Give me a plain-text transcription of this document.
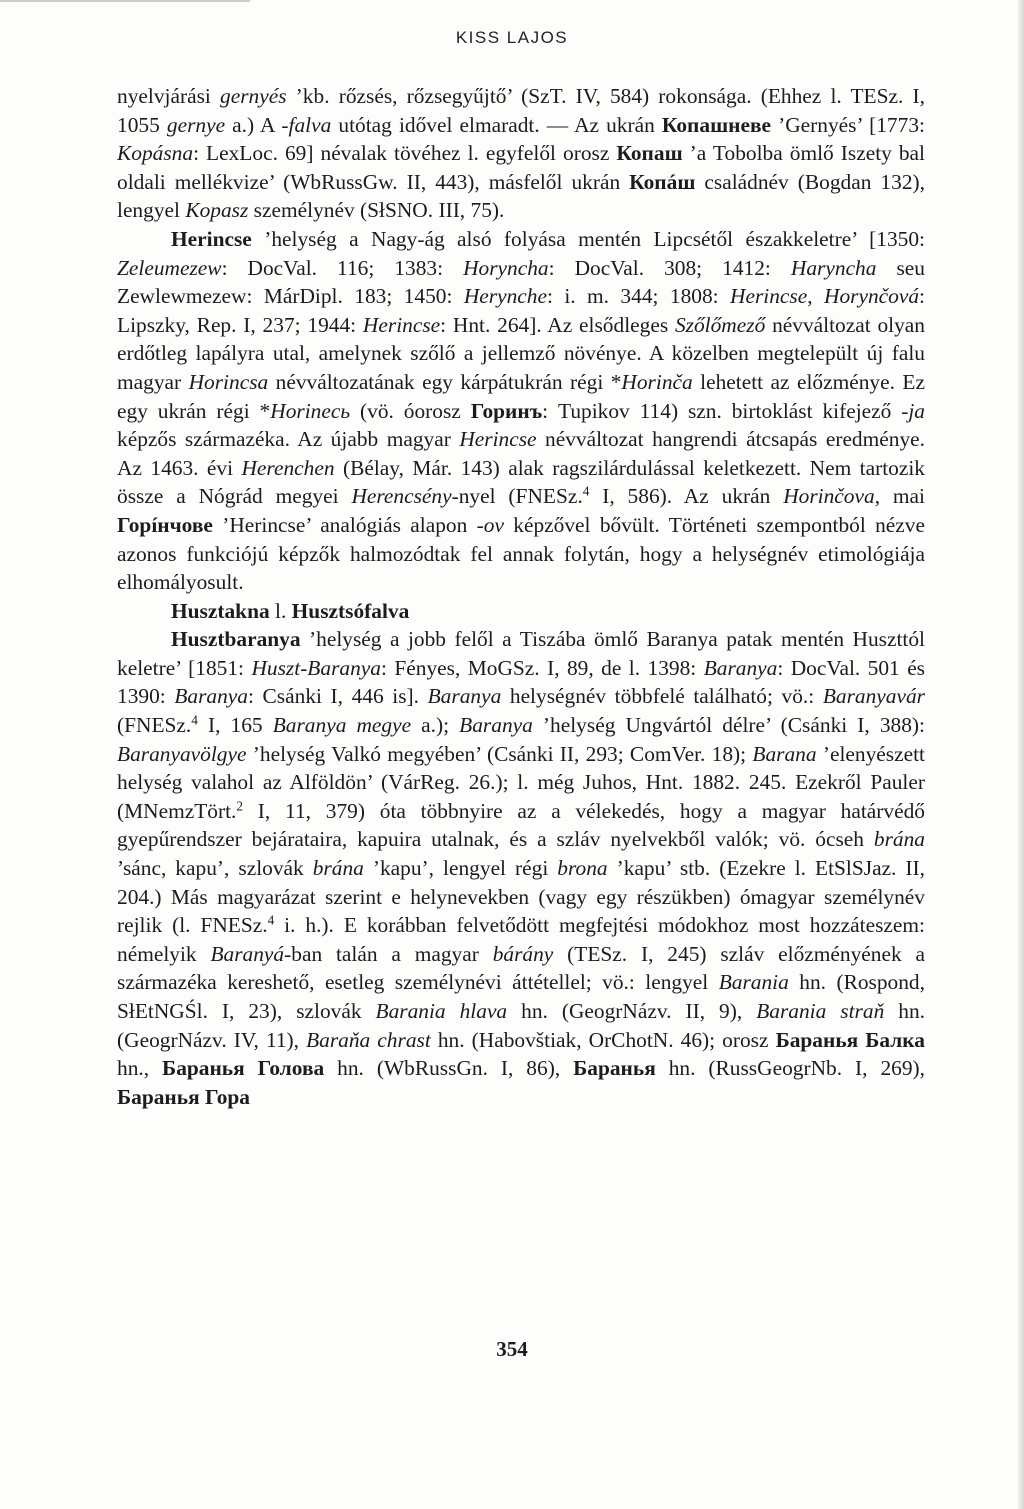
KISS LAJOS

nyelvjárási gernyés ’kb. rőzsés, rőzsegyűjtő’ (SzT. IV, 584) rokonsága. (Ehhez l. TESz. I, 1055 gernye a.) A -falva utótag idővel elmaradt. — Az ukrán Копашневе ’Gernyés’ [1773: Kopásna: LexLoc. 69] névalak tövéhez l. egyfelől orosz Копаш ’a Tobolba ömlő Iszety bal oldali mellékvize’ (WbRussGw. II, 443), másfelől ukrán Копáш családnév (Bogdan 132), lengyel Kopasz személynév (SłSNO. III, 75).

Herincse ’helység a Nagy-ág alsó folyása mentén Lipcsétől északkeletre’ [1350: Zeleumezew: DocVal. 116; 1383: Horyncha: DocVal. 308; 1412: Haryncha seu Zewlewmezew: MárDipl. 183; 1450: Herynche: i. m. 344; 1808: Herincse, Horynčová: Lipszky, Rep. I, 237; 1944: Herincse: Hnt. 264]. Az elsődleges Szőlőmező névváltozat olyan erdőtleg lapályra utal, amelynek szőlő a jellemző növénye. A közelben megtelepült új falu magyar Horincsa névváltozatának egy kárpátukrán régi *Horinča lehetett az előzménye. Ez egy ukrán régi *Horinecь (vö. óorosz Горинъ: Tupikov 114) szn. birtoklást kifejező -ja képzős származéka. Az újabb magyar Herincse névváltozat hangrendi átcsapás eredménye. Az 1463. évi Herenchen (Bélay, Már. 143) alak ragszilárdulással keletkezett. Nem tartozik össze a Nógrád megyei Herencsény-nyel (FNESz.$^4$ I, 586). Az ukrán Horinčova, mai Горíнчове ’Herincse’ analógiás alapon -ov képzővel bővült. Történeti szempontból nézve azonos funkciójú képzők halmozódtak fel annak folytán, hogy a helységnév etimológiája elhomályosult.

Husztakna l. Husztsófalva

Husztbaranya ’helység a jobb felől a Tiszába ömlő Baranya patak mentén Huszttól keletre’ [1851: Huszt-Baranya: Fényes, MoGSz. I, 89, de l. 1398: Baranya: DocVal. 501 és 1390: Baranya: Csánki I, 446 is]. Baranya helységnév többfelé található; vö.: Baranyavár (FNESz.$^4$ I, 165 Baranya megye a.); Baranya ’helység Ungvártól délre’ (Csánki I, 388): Baranyavölgye ’helység Valkó megyében’ (Csánki II, 293; ComVer. 18); Barana ’elenyészett helység valahol az Alföldön’ (VárReg. 26.); l. még Juhos, Hnt. 1882. 245. Ezekről Pauler (MNemzTört.$^2$ I, 11, 379) óta többnyire az a vélekedés, hogy a magyar határvédő gyepűrendszer bejárataira, kapuira utalnak, és a szláv nyelvekből valók; vö. ócseh brána ’sánc, kapu’, szlovák brána ’kapu’, lengyel régi brona ’kapu’ stb. (Ezekre l. EtSlSJaz. II, 204.) Más magyarázat szerint e helynevekben (vagy egy részükben) ómagyar személynév rejlik (l. FNESz.$^4$ i. h.). E korábban felvetődött megfejtési módokhoz most hozzáteszem: némelyik Baranyá-ban talán a magyar bárány (TESz. I, 245) szláv előzményének a származéka kereshető, esetleg személynévi áttétellel; vö.: lengyel Barania hn. (Rospond, SłEtNGŚl. I, 23), szlovák Barania hlava hn. (GeogrNázv. II, 9), Barania straň hn. (GeogrNázv. IV, 11), Baraňa chrast hn. (Habovštiak, OrChotN. 46); orosz Баранья Балка hn., Баранья Голова hn. (WbRussGn. I, 86), Баранья hn. (RussGeogrNb. I, 269), Баранья Гора

354
